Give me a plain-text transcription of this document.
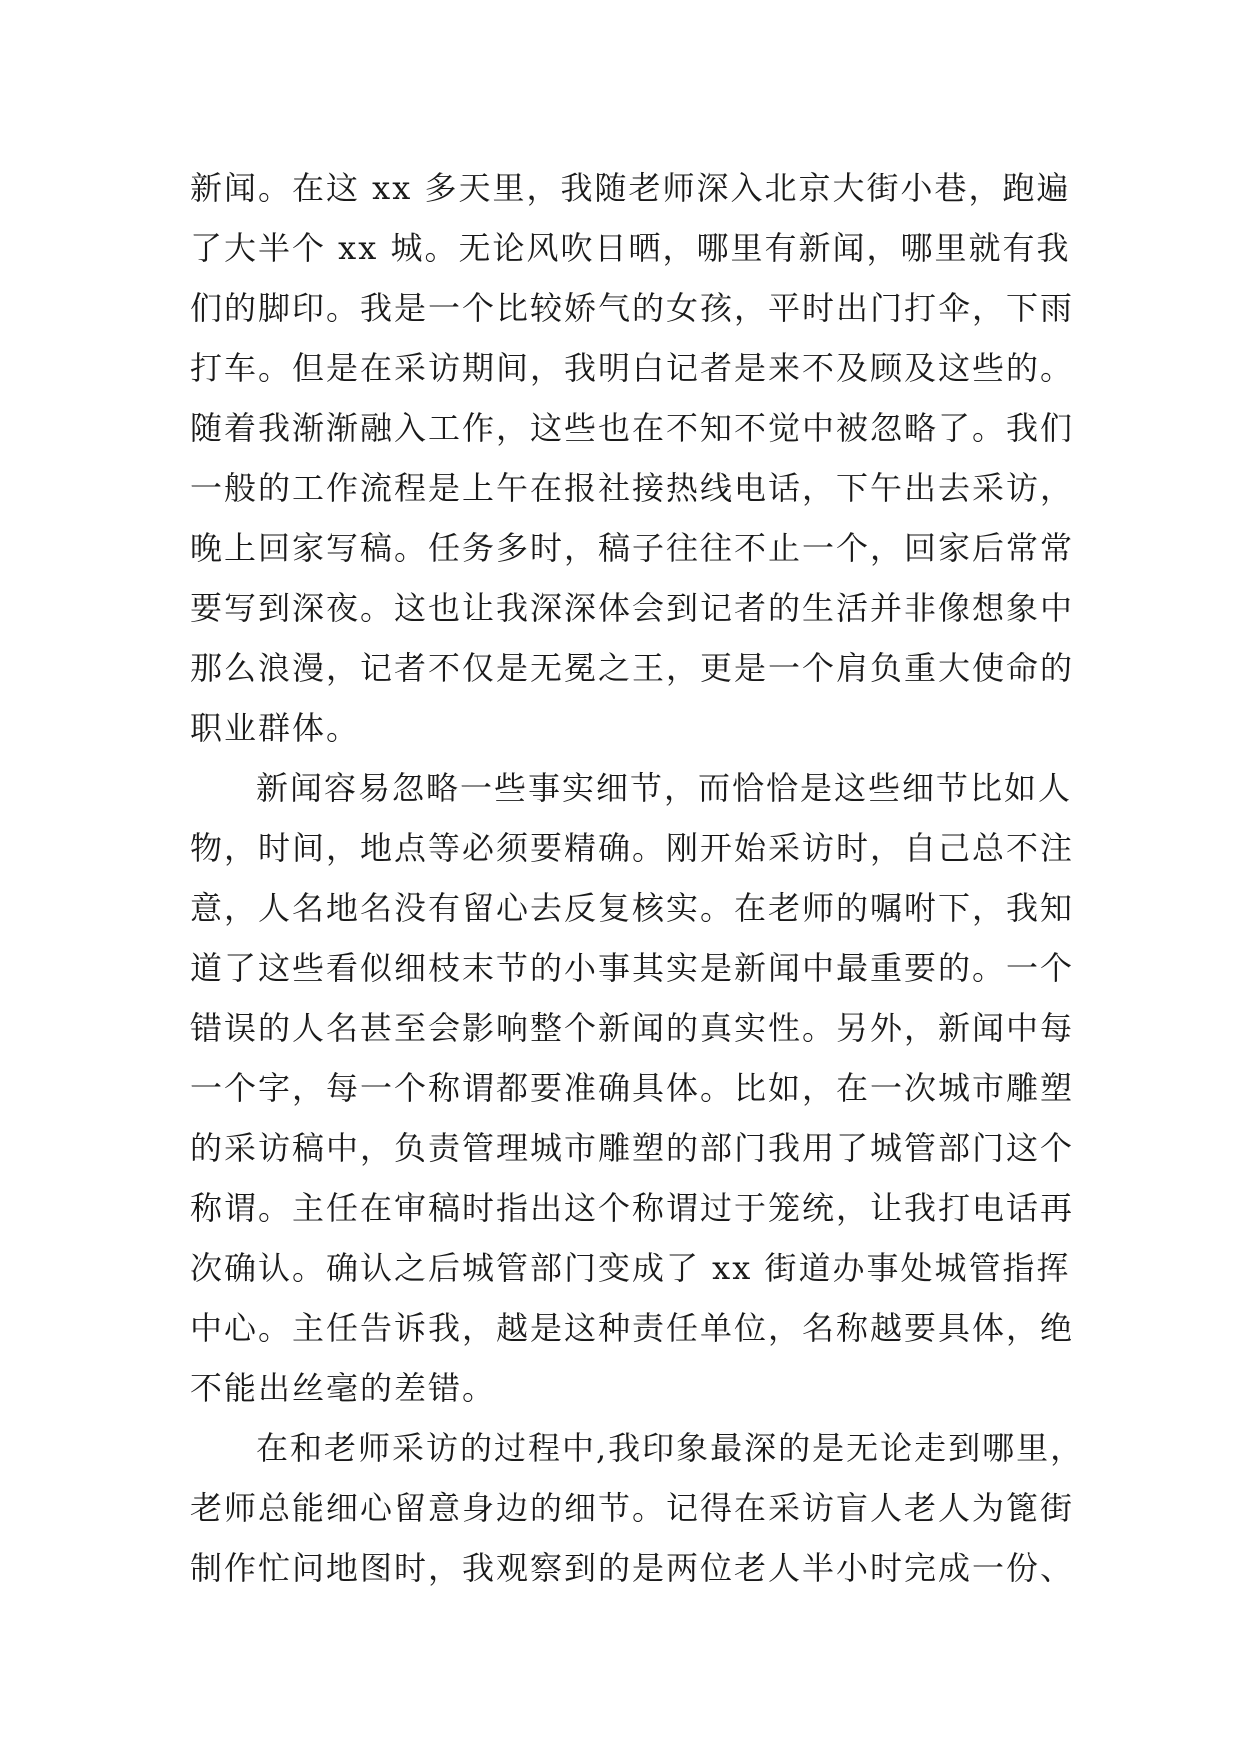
新闻。在这 xx 多天里，我随老师深入北京大街小巷，跑遍
了大半个 xx 城。无论风吹日晒，哪里有新闻，哪里就有我
们的脚印。我是一个比较娇气的女孩，平时出门打伞，下雨
打车。但是在采访期间，我明白记者是来不及顾及这些的。
随着我渐渐融入工作，这些也在不知不觉中被忽略了。我们
一般的工作流程是上午在报社接热线电话，下午出去采访，
晚上回家写稿。任务多时，稿子往往不止一个，回家后常常
要写到深夜。这也让我深深体会到记者的生活并非像想象中
那么浪漫，记者不仅是无冕之王，更是一个肩负重大使命的
职业群体。
新闻容易忽略一些事实细节，而恰恰是这些细节比如人
物，时间，地点等必须要精确。刚开始采访时，自己总不注
意，人名地名没有留心去反复核实。在老师的嘱咐下，我知
道了这些看似细枝末节的小事其实是新闻中最重要的。一个
错误的人名甚至会影响整个新闻的真实性。另外，新闻中每
一个字，每一个称谓都要准确具体。比如，在一次城市雕塑
的采访稿中，负责管理城市雕塑的部门我用了城管部门这个
称谓。主任在审稿时指出这个称谓过于笼统，让我打电话再
次确认。确认之后城管部门变成了 xx 街道办事处城管指挥
中心。主任告诉我，越是这种责任单位，名称越要具体，绝
不能出丝毫的差错。
在和老师采访的过程中,我印象最深的是无论走到哪里，
老师总能细心留意身边的细节。记得在采访盲人老人为篦街
制作忙问地图时，我观察到的是两位老人半小时完成一份、
